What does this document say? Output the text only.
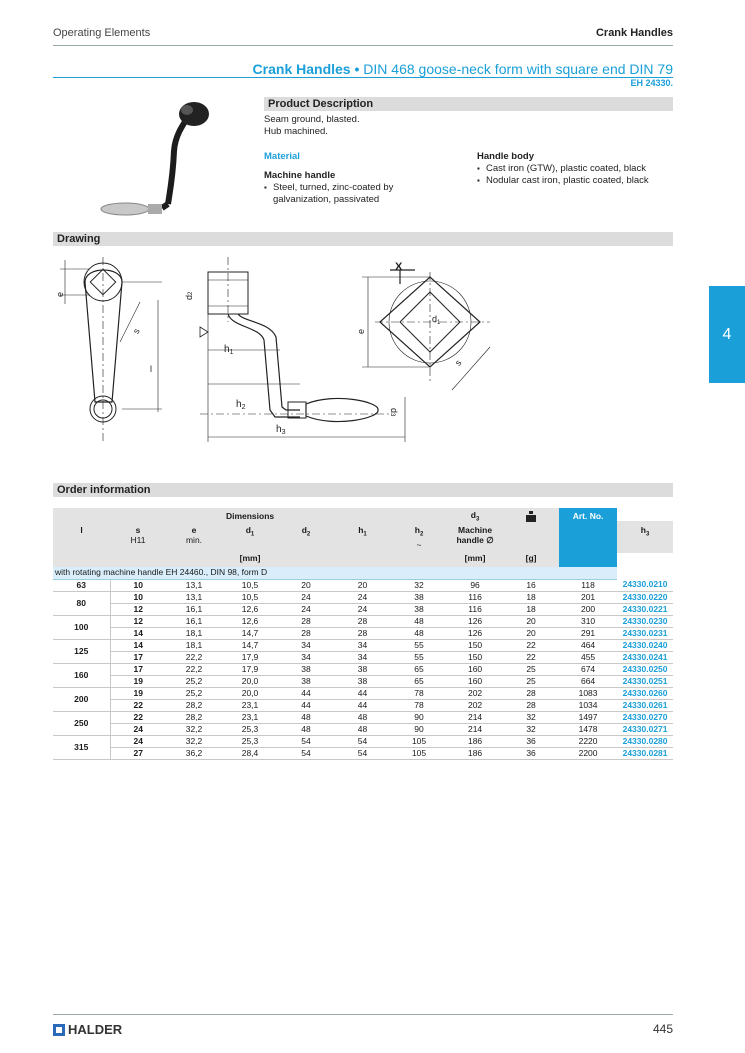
Operating Elements	Crank Handles
Crank Handles • DIN 468 goose-neck form with square end DIN 79
EH 24330.
Product Description
Seam ground, blasted.
Hub machined.
Material
Machine handle
▪ Steel, turned, zinc-coated by galvanization, passivated
Handle body
▪ Cast iron (GTW), plastic coated, black
▪ Nodular cast iron, plastic coated, black
Drawing
e
s
l
d2
$h_1$
$h_2$
$h_3$
d3
X
$d_1$
e
s
4
Order information
Dimensions							$d_3$
Machine
handle ∅		Art. No.
l	s
H11	e
min.	$d_1$	$d_2$	$h_1$	$h_2$
~				$h_3$
[mm]							[mm]	[g]		
with rotating machine handle EH 24460., DIN 98, form D										
63	10	13,1	10,5	20	20	32	96	16	118	24330.0210
80	10	13,1	10,5	24	24	38	116	18	201	24330.0220
	12	16,1	12,6	24	24	38	116	18	200	24330.0221
100	12	16,1	12,6	28	28	48	126	20	310	24330.0230
	14	18,1	14,7	28	28	48	126	20	291	24330.0231
125	14	18,1	14,7	34	34	55	150	22	464	24330.0240
	17	22,2	17,9	34	34	55	150	22	455	24330.0241
160	17	22,2	17,9	38	38	65	160	25	674	24330.0250
	19	25,2	20,0	38	38	65	160	25	664	24330.0251
200	19	25,2	20,0	44	44	78	202	28	1083	24330.0260
	22	28,2	23,1	44	44	78	202	28	1034	24330.0261
250	22	28,2	23,1	48	48	90	214	32	1497	24330.0270
	24	32,2	25,3	48	48	90	214	32	1478	24330.0271
315	24	32,2	25,3	54	54	105	186	36	2220	24330.0280
	27	36,2	28,4	54	54	105	186	36	2200	24330.0281
HALDER	445
